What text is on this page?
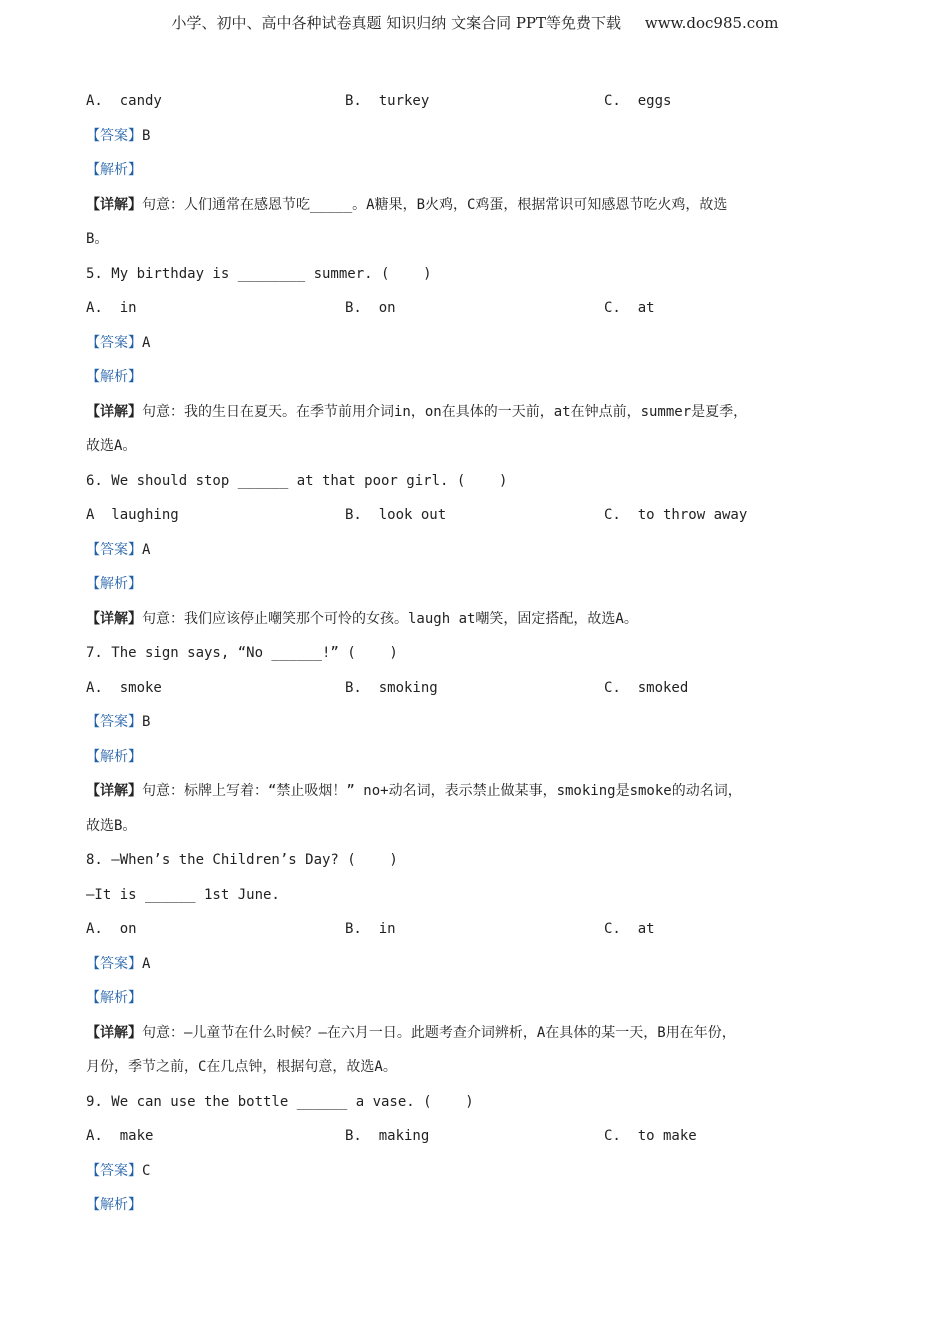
小学、初中、高中各种试卷真题 知识归纳 文案合同 PPT等免费下载     www.doc985.com
A.  candy	B.  turkey	C.  eggs
【答案】B
【解析】
【详解】句意：人们通常在感恩节吃_____。A糖果，B火鸡，C鸡蛋，根据常识可知感恩节吃火鸡，故选
B。
5. My birthday is ________ summer. (    )
A.  in	B.  on	C.  at
【答案】A
【解析】
【详解】句意：我的生日在夏天。在季节前用介词in，on在具体的一天前，at在钟点前，summer是夏季，
故选A。
6. We should stop ______ at that poor girl. (    )
A  laughing	B.  look out	C.  to throw away
【答案】A
【解析】
【详解】句意：我们应该停止嘲笑那个可怜的女孩。laugh at嘲笑，固定搭配，故选A。
7. The sign says, “No ______!” (    )
A.  smoke	B.  smoking	C.  smoked
【答案】B
【解析】
【详解】句意：标牌上写着：“禁止吸烟！” no+动名词，表示禁止做某事，smoking是smoke的动名词，
故选B。
8. —When’s the Children’s Day? (    )
—It is ______ 1st June.
A.  on	B.  in	C.  at
【答案】A
【解析】
【详解】句意：—儿童节在什么时候？—在六月一日。此题考查介词辨析，A在具体的某一天，B用在年份，
月份，季节之前，C在几点钟，根据句意，故选A。
9. We can use the bottle ______ a vase. (    )
A.  make	B.  making	C.  to make
【答案】C
【解析】
